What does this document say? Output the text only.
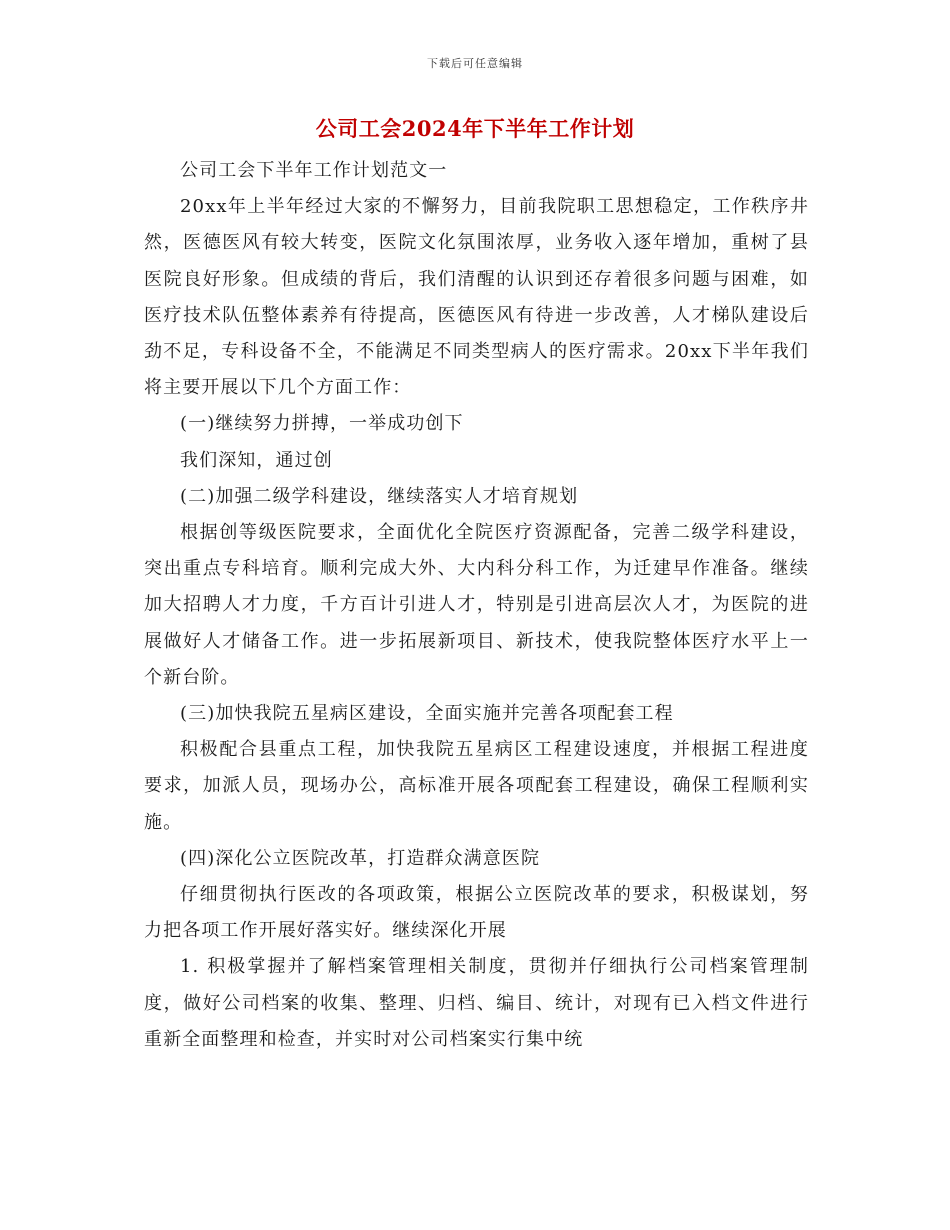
下载后可任意编辑
公司工会2024年下半年工作计划

公司工会下半年工作计划范文一

20xx年上半年经过大家的不懈努力，目前我院职工思想稳定，工作秩序井然，医德医风有较大转变，医院文化氛围浓厚，业务收入逐年增加，重树了县医院良好形象。但成绩的背后，我们清醒的认识到还存着很多问题与困难，如医疗技术队伍整体素养有待提高，医德医风有待进一步改善，人才梯队建设后劲不足，专科设备不全，不能满足不同类型病人的医疗需求。20xx下半年我们将主要开展以下几个方面工作：

(一)继续努力拼搏，一举成功创下

我们深知，通过创

(二)加强二级学科建设，继续落实人才培育规划

根据创等级医院要求，全面优化全院医疗资源配备，完善二级学科建设，突出重点专科培育。顺利完成大外、大内科分科工作，为迁建早作准备。继续加大招聘人才力度，千方百计引进人才，特别是引进高层次人才，为医院的进展做好人才储备工作。进一步拓展新项目、新技术，使我院整体医疗水平上一个新台阶。

(三)加快我院五星病区建设，全面实施并完善各项配套工程

积极配合县重点工程，加快我院五星病区工程建设速度，并根据工程进度要求，加派人员，现场办公，高标准开展各项配套工程建设，确保工程顺利实施。

(四)深化公立医院改革，打造群众满意医院

仔细贯彻执行医改的各项政策，根据公立医院改革的要求，积极谋划，努力把各项工作开展好落实好。继续深化开展

1. 积极掌握并了解档案管理相关制度，贯彻并仔细执行公司档案管理制度，做好公司档案的收集、整理、归档、编目、统计，对现有已入档文件进行重新全面整理和检查，并实时对公司档案实行集中统
